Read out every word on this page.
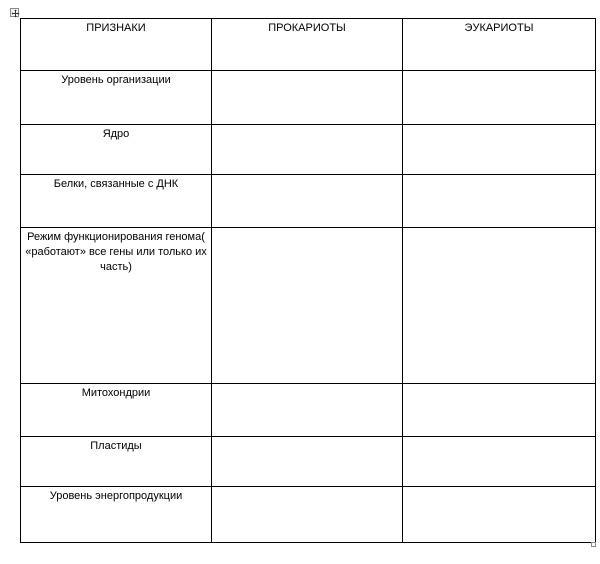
ПРИЗНАКИ	ПРОКАРИОТЫ	ЭУКАРИОТЫ
Уровень организации		
Ядро		
Белки, связанные с ДНК		
Режим функционирования генома( «работают» все гены или только их часть)		
Митохондрии		
Пластиды		
Уровень энергопродукции		
